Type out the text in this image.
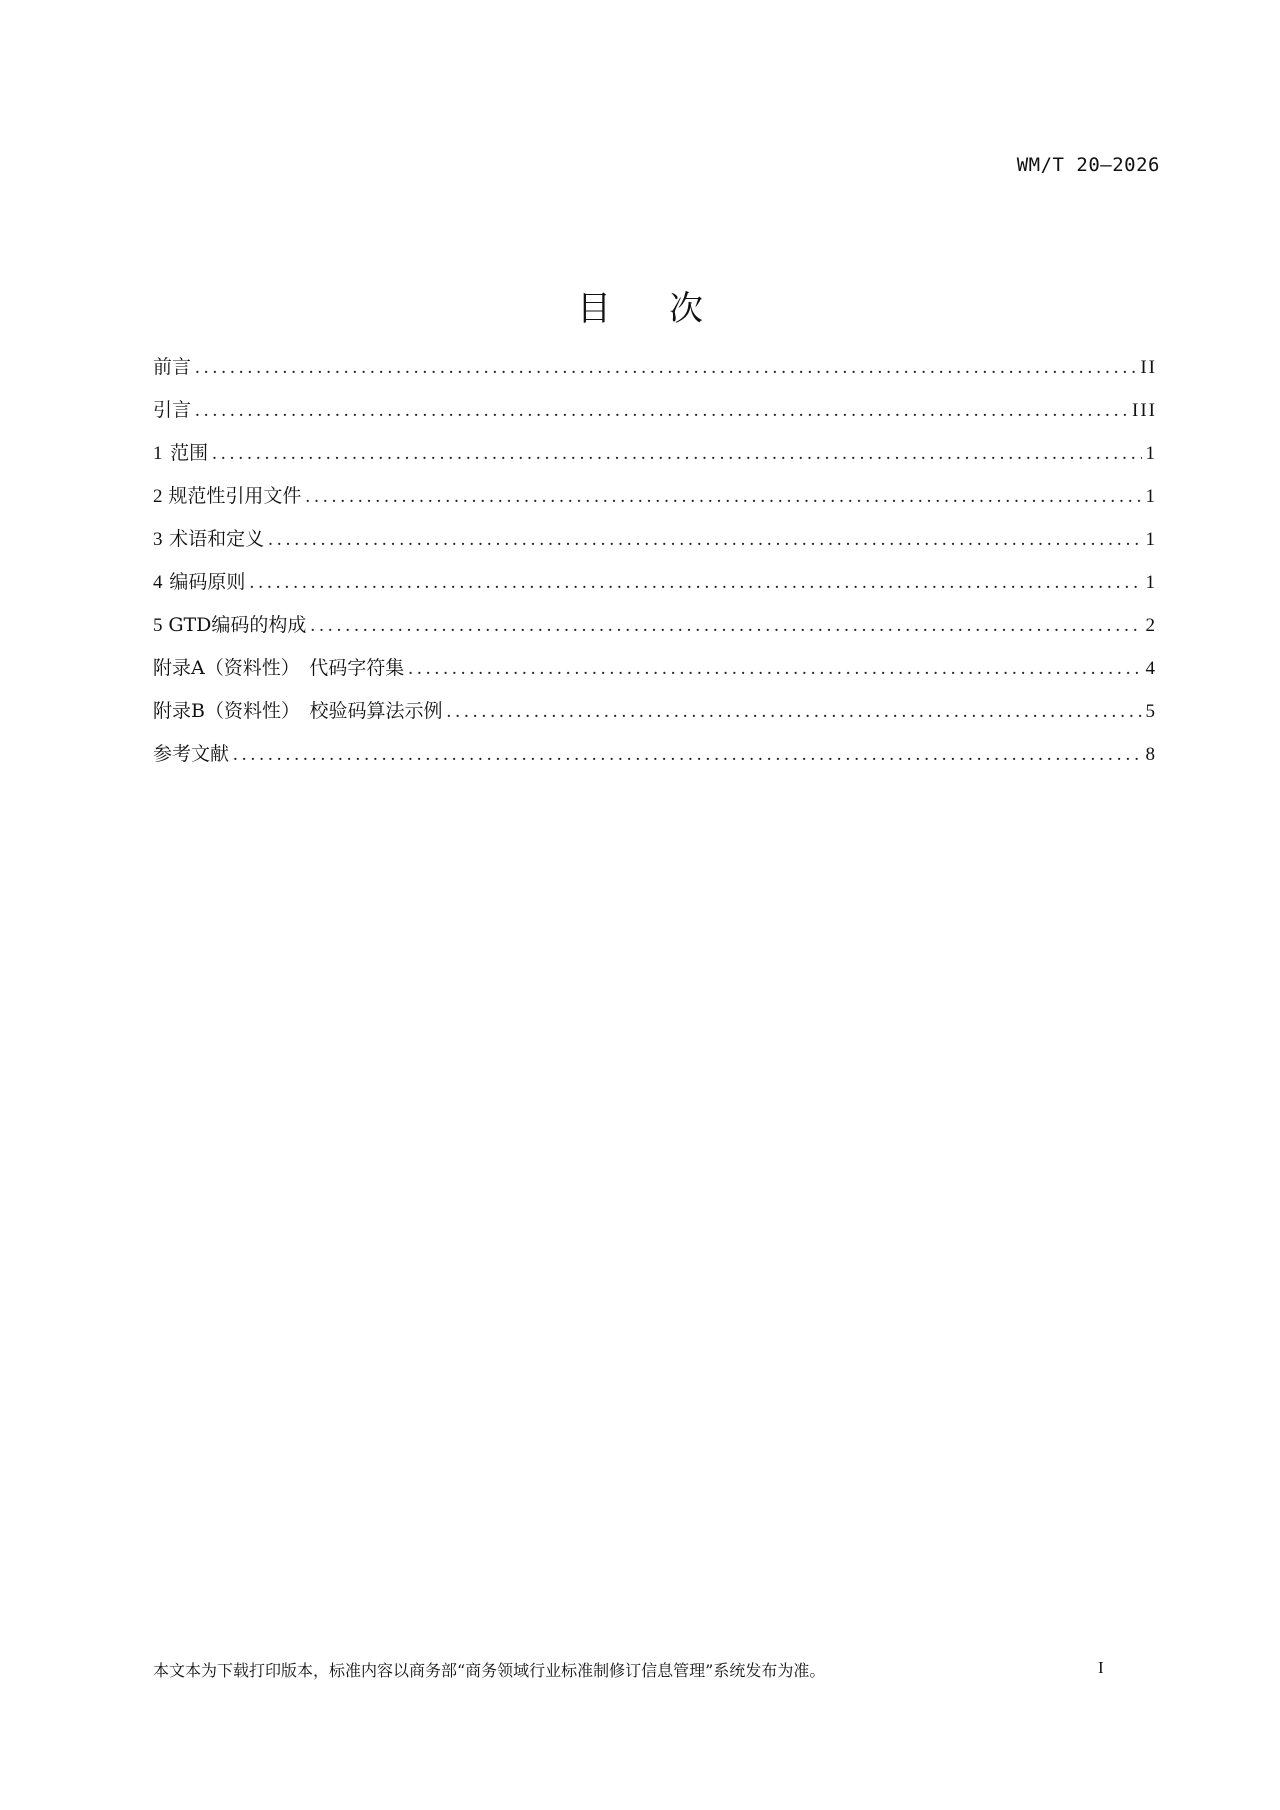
WM/T 20—2026
目次
前言 .....	II
引言 .....	III
1 范围 .....	1
2 规范性引用文件 .....	1
3 术语和定义 .....	1
4 编码原则 .....	1
5 GTD编码的构成 .....	2
附录A（资料性）　代码字符集 .....	4
附录B（资料性）　校验码算法示例 .....	5
参考文献 .....	8
本文本为下载打印版本，标准内容以商务部“商务领域行业标准制修订信息管理”系统发布为准。	I
